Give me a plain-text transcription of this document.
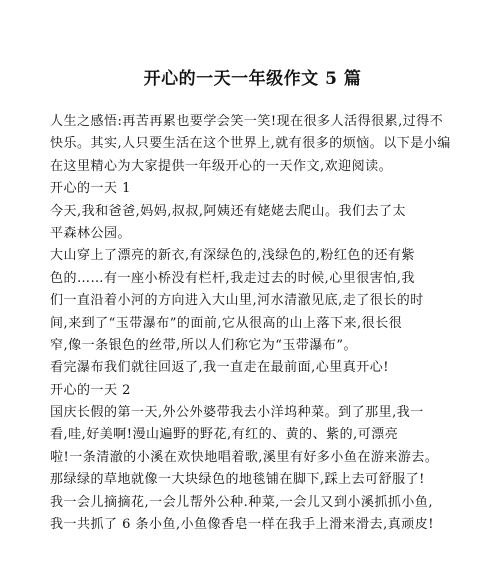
开心的一天一年级作文 5 篇
人生之感悟:再苦再累也要学会笑一笑!现在很多人活得很累,过得不
快乐。其实,人只要生活在这个世界上,就有很多的烦恼。以下是小编
在这里精心为大家提供一年级开心的一天作文,欢迎阅读。
开心的一天 1
今天,我和爸爸,妈妈,叔叔,阿姨还有姥姥去爬山。我们去了太
平森林公园。
大山穿上了漂亮的新衣,有深绿色的,浅绿色的,粉红色的还有紫
色的……有一座小桥没有栏杆,我走过去的时候,心里很害怕,我
们一直沿着小河的方向进入大山里,河水清澈见底,走了很长的时
间,来到了“玉带瀑布”的面前,它从很高的山上落下来,很长很
窄,像一条银色的丝带,所以人们称它为“玉带瀑布”。
看完瀑布我们就往回返了,我一直走在最前面,心里真开心!
开心的一天 2
国庆长假的第一天,外公外婆带我去小洋坞种菜。到了那里,我一
看,哇,好美啊!漫山遍野的野花,有红的、黄的、紫的,可漂亮
啦!一条清澈的小溪在欢快地唱着歌,溪里有好多小鱼在游来游去。
那绿绿的草地就像一大块绿色的地毯铺在脚下,踩上去可舒服了!
我一会儿摘摘花,一会儿帮外公种.种菜,一会儿又到小溪抓抓小鱼,
我一共抓了 6 条小鱼,小鱼像香皂一样在我手上滑来滑去,真顽皮!
